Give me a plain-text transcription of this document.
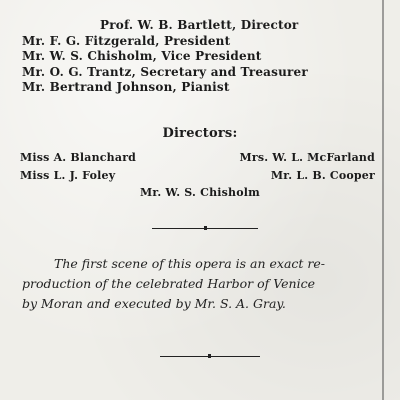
Prof. W. B. Bartlett, Director
Mr. F. G. Fitzgerald, President
Mr. W. S. Chisholm, Vice President
Mr. O. G. Trantz, Secretary and Treasurer
Mr. Bertrand Johnson, Pianist
Directors:
Miss A. Blanchard	Mrs. W. L. McFarland
Miss L. J. Foley	Mr. L. B. Cooper
Mr. W. S. Chisholm
The first scene of this opera is an exact re-
production of the celebrated Harbor of Venice
by Moran and executed by Mr. S. A. Gray.
